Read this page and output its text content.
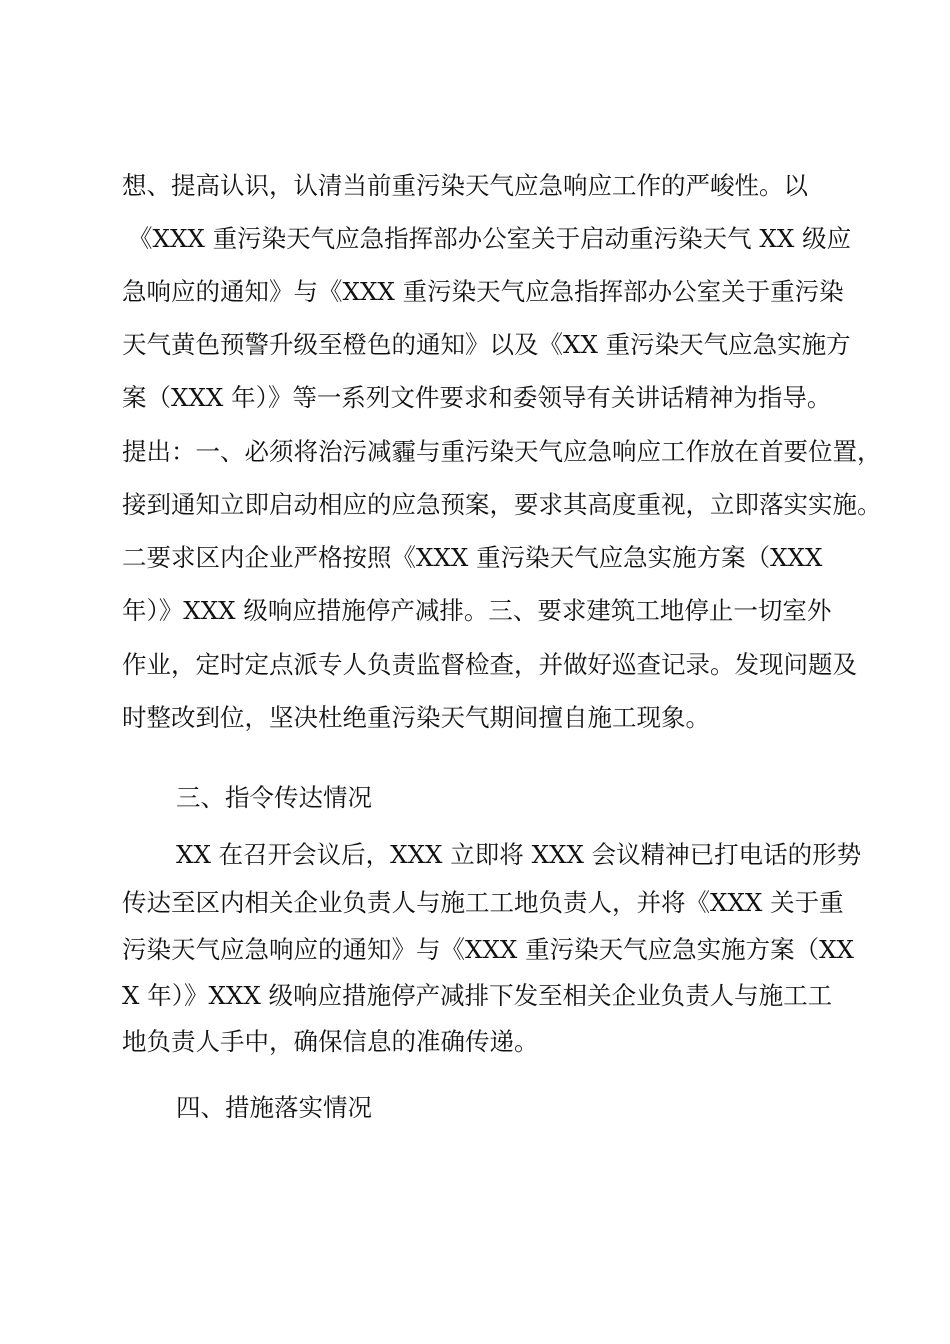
想、提高认识，认清当前重污染天气应急响应工作的严峻性。以
《XXX 重污染天气应急指挥部办公室关于启动重污染天气 XX 级应
急响应的通知》与《XXX 重污染天气应急指挥部办公室关于重污染
天气黄色预警升级至橙色的通知》以及《XX 重污染天气应急实施方
案（XXX 年）》等一系列文件要求和委领导有关讲话精神为指导。
提出：一、必须将治污减霾与重污染天气应急响应工作放在首要位置，
接到通知立即启动相应的应急预案，要求其高度重视，立即落实实施。
二要求区内企业严格按照《XXX 重污染天气应急实施方案（XXX
年）》XXX 级响应措施停产减排。三、要求建筑工地停止一切室外
作业，定时定点派专人负责监督检查，并做好巡查记录。发现问题及
时整改到位，坚决杜绝重污染天气期间擅自施工现象。
三、指令传达情况
XX 在召开会议后，XXX 立即将 XXX 会议精神已打电话的形势
传达至区内相关企业负责人与施工工地负责人，并将《XXX 关于重
污染天气应急响应的通知》与《XXX 重污染天气应急实施方案（XX
X 年）》XXX 级响应措施停产减排下发至相关企业负责人与施工工
地负责人手中，确保信息的准确传递。
四、措施落实情况
